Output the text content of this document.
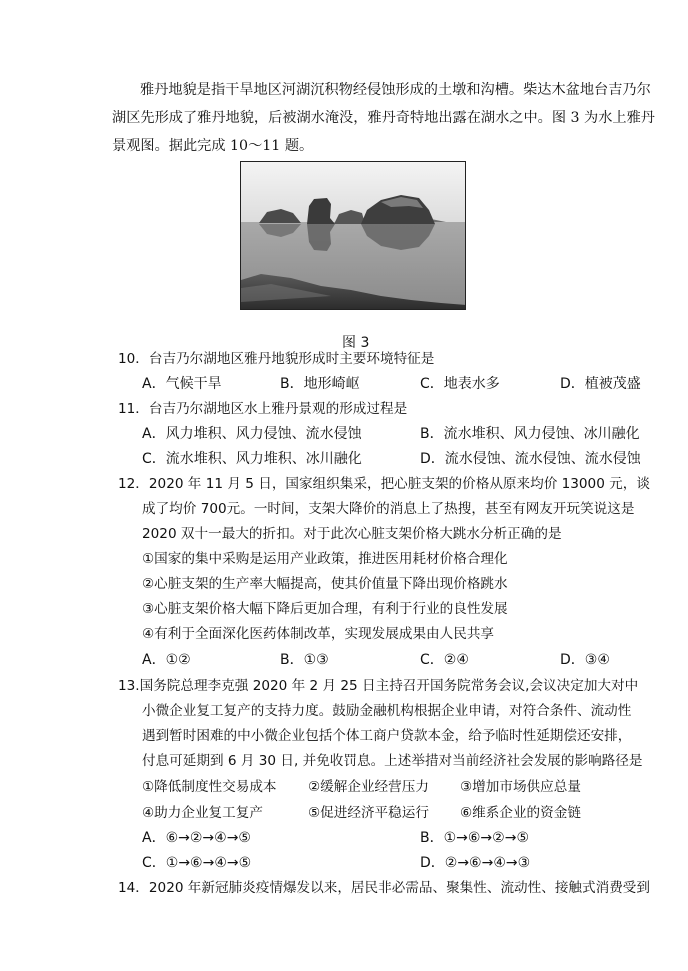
雅丹地貌是指干旱地区河湖沉积物经侵蚀形成的土墩和沟槽。柴达木盆地台吉乃尔
湖区先形成了雅丹地貌，后被湖水淹没，雅丹奇特地出露在湖水之中。图 3 为水上雅丹
景观图。据此完成 10～11 题。
图 3
10．台吉乃尔湖地区雅丹地貌形成时主要环境特征是
A．气候干旱	B．地形崎岖	C．地表水多	D．植被茂盛
11．台吉乃尔湖地区水上雅丹景观的形成过程是
A．风力堆积、风力侵蚀、流水侵蚀	B．流水堆积、风力侵蚀、冰川融化
C．流水堆积、风力堆积、冰川融化	D．流水侵蚀、流水侵蚀、流水侵蚀
12．2020 年 11 月 5 日，国家组织集采，把心脏支架的价格从原来均价 13000 元，谈
成了均价 700元。一时间，支架大降价的消息上了热搜，甚至有网友开玩笑说这是
2020 双十一最大的折扣。对于此次心脏支架价格大跳水分析正确的是
①国家的集中采购是运用产业政策，推进医用耗材价格合理化
②心脏支架的生产率大幅提高，使其价值量下降出现价格跳水
③心脏支架价格大幅下降后更加合理，有利于行业的良性发展
④有利于全面深化医药体制改革，实现发展成果由人民共享
A．①②	B．①③	C．②④	D．③④
13.国务院总理李克强 2020 年 2 月 25 日主持召开国务院常务会议,会议决定加大对中
小微企业复工复产的支持力度。鼓励金融机构根据企业申请，对符合条件、流动性
遇到暂时困难的中小微企业包括个体工商户贷款本金，给予临时性延期偿还安排，
付息可延期到 6 月 30 日, 并免收罚息。上述举措对当前经济社会发展的影响路径是
①降低制度性交易成本 ②缓解企业经营压力 ③增加市场供应总量
④助力企业复工复产	⑤促进经济平稳运行 ⑥维系企业的资金链
A．⑥→②→④→⑤	B．①→⑥→②→⑤
C．①→⑥→④→⑤	D．②→⑥→④→③
14．2020 年新冠肺炎疫情爆发以来，居民非必需品、聚集性、流动性、接触式消费受到
